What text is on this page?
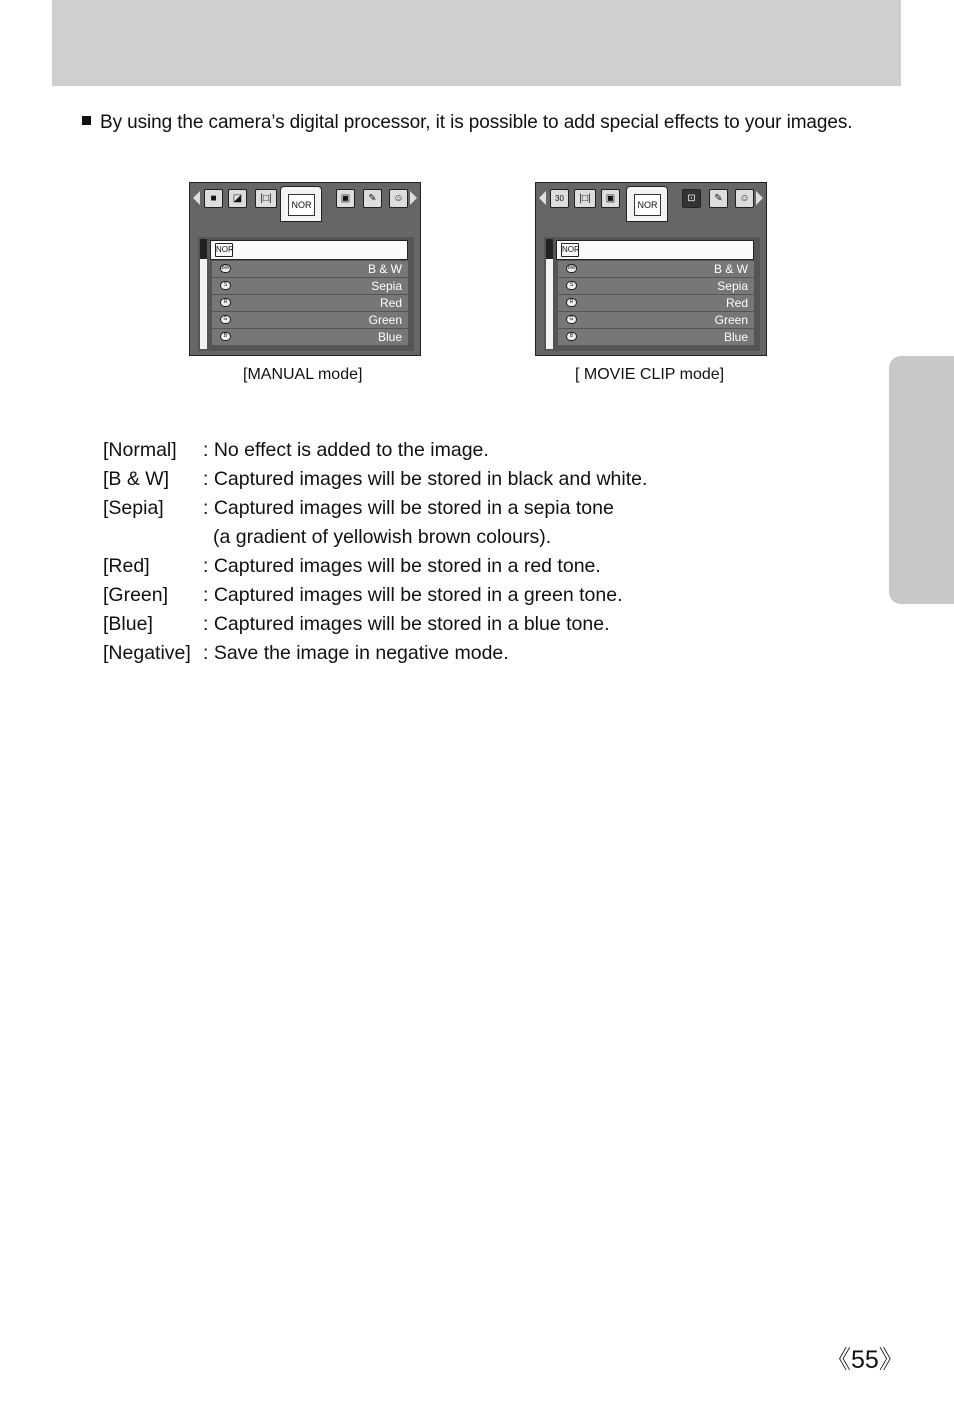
By using the camera’s digital processor, it is possible to add special effects to your images.
■	◪	|□|
NOR
▣	✎	☺
NOR
BW	B & W
S	Sepia
R	Red
G	Green
B	Blue
30	|□|	▣
NOR
⊡	✎	☺
NOR
BW	B & W
S	Sepia
R	Red
G	Green
B	Blue
[MANUAL mode]	[ MOVIE CLIP mode]
[Normal] : No effect is added to the image.
[B & W] : Captured images will be stored in black and white.
[Sepia] : Captured images will be stored in a sepia tone
(a gradient of yellowish brown colours).
[Red]	: Captured images will be stored in a red tone.
[Green] : Captured images will be stored in a green tone.
[Blue]	: Captured images will be stored in a blue tone.
[Negative] : Save the image in negative mode.
《55》
